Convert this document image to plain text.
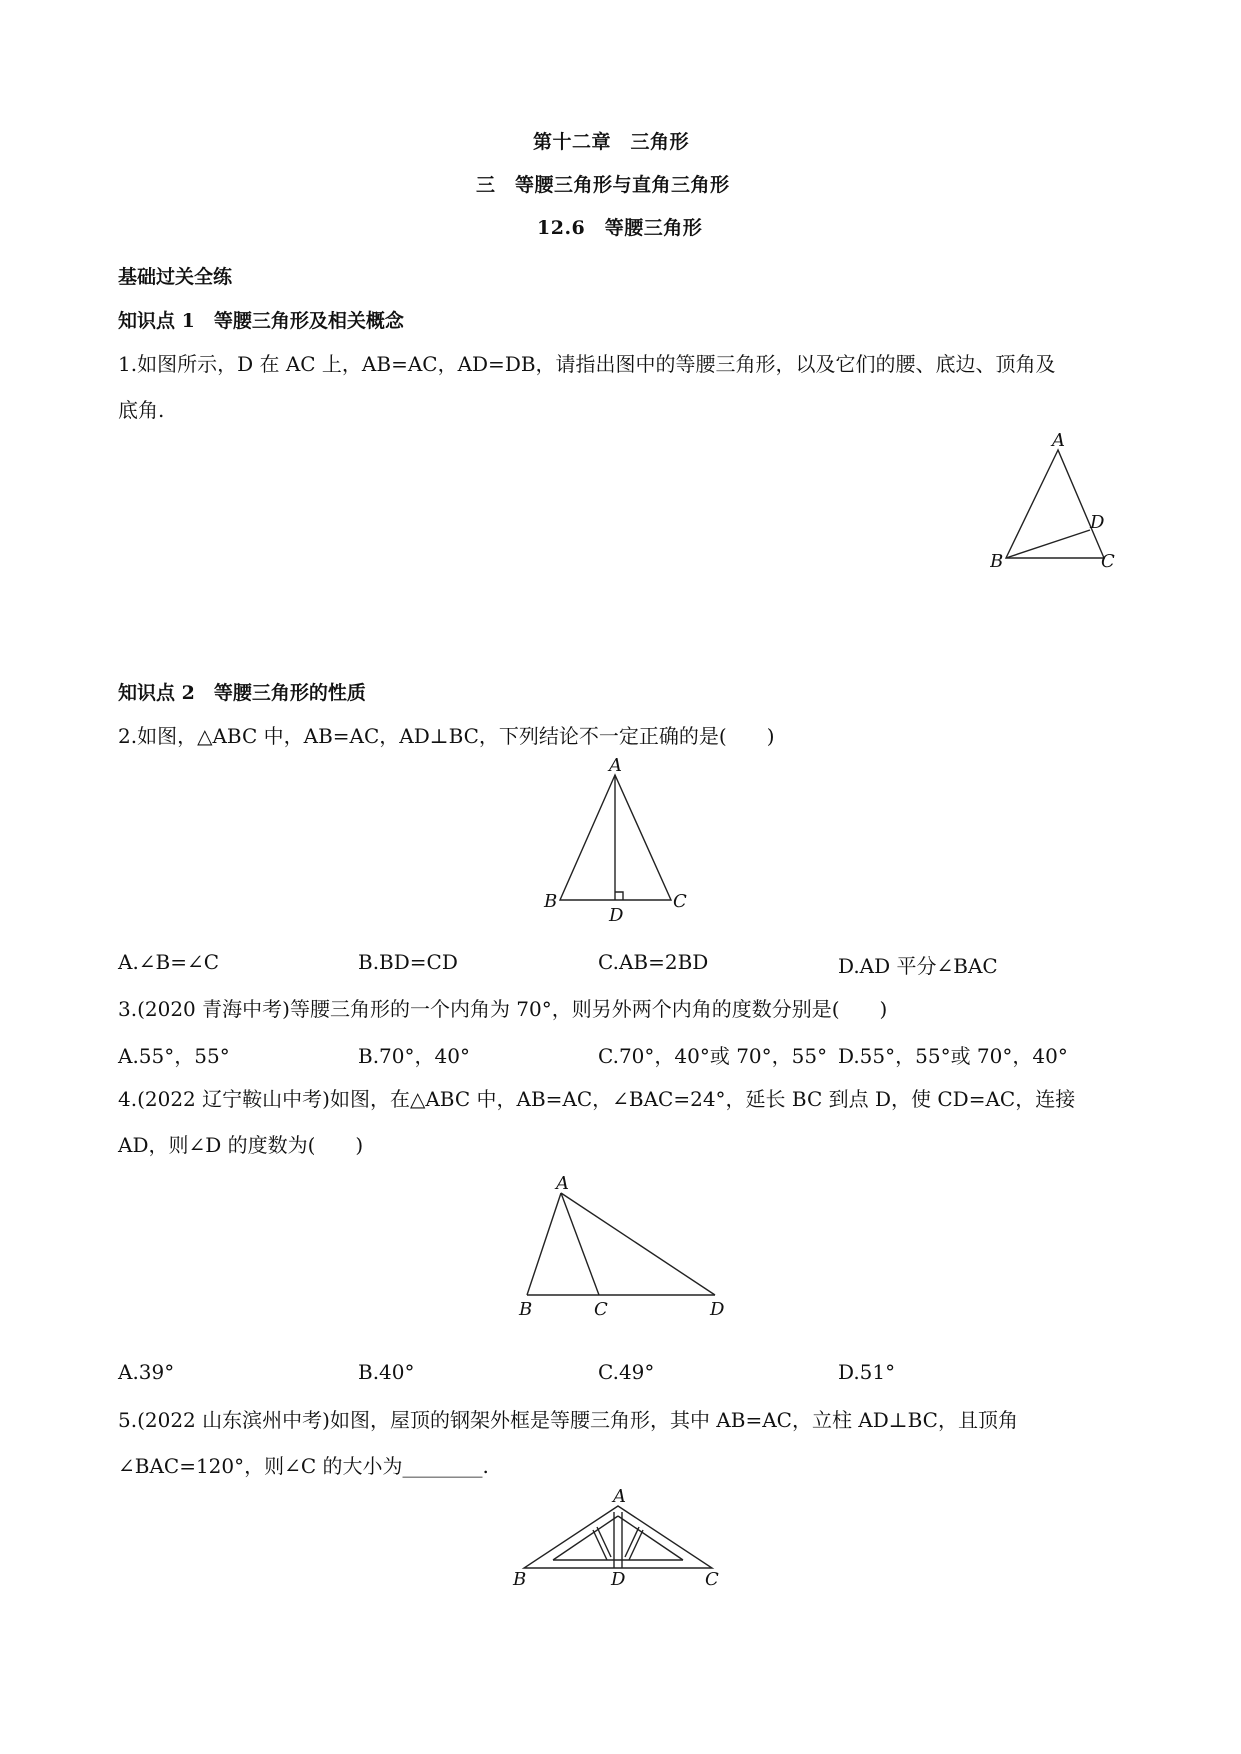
第十二章　三角形
三　等腰三角形与直角三角形
12.6　等腰三角形
基础过关全练
知识点 1　等腰三角形及相关概念
1.如图所示，D 在 AC 上，AB=AC，AD=DB，请指出图中的等腰三角形，以及它们的腰、底边、顶角及
底角.
A
B	C
D
知识点 2　等腰三角形的性质
2.如图，△ABC 中，AB=AC，AD⊥BC，下列结论不一定正确的是(　　)
A
B	C
D
A.∠B=∠C	B.BD=CD	C.AB=2BD	D.AD 平分∠BAC
3.(2020 青海中考)等腰三角形的一个内角为 70°，则另外两个内角的度数分别是(　　)
A.55°，55°	B.70°，40°	C.70°，40°或 70°，55° D.55°，55°或 70°，40°
4.(2022 辽宁鞍山中考)如图，在△ABC 中，AB=AC，∠BAC=24°，延长 BC 到点 D，使 CD=AC，连接
AD，则∠D 的度数为(　　)
A
B	C	D
A.39°	B.40°	C.49°	D.51°
5.(2022 山东滨州中考)如图，屋顶的钢架外框是等腰三角形，其中 AB=AC，立柱 AD⊥BC，且顶角
∠BAC=120°，则∠C 的大小为________.
A
B	D	C
